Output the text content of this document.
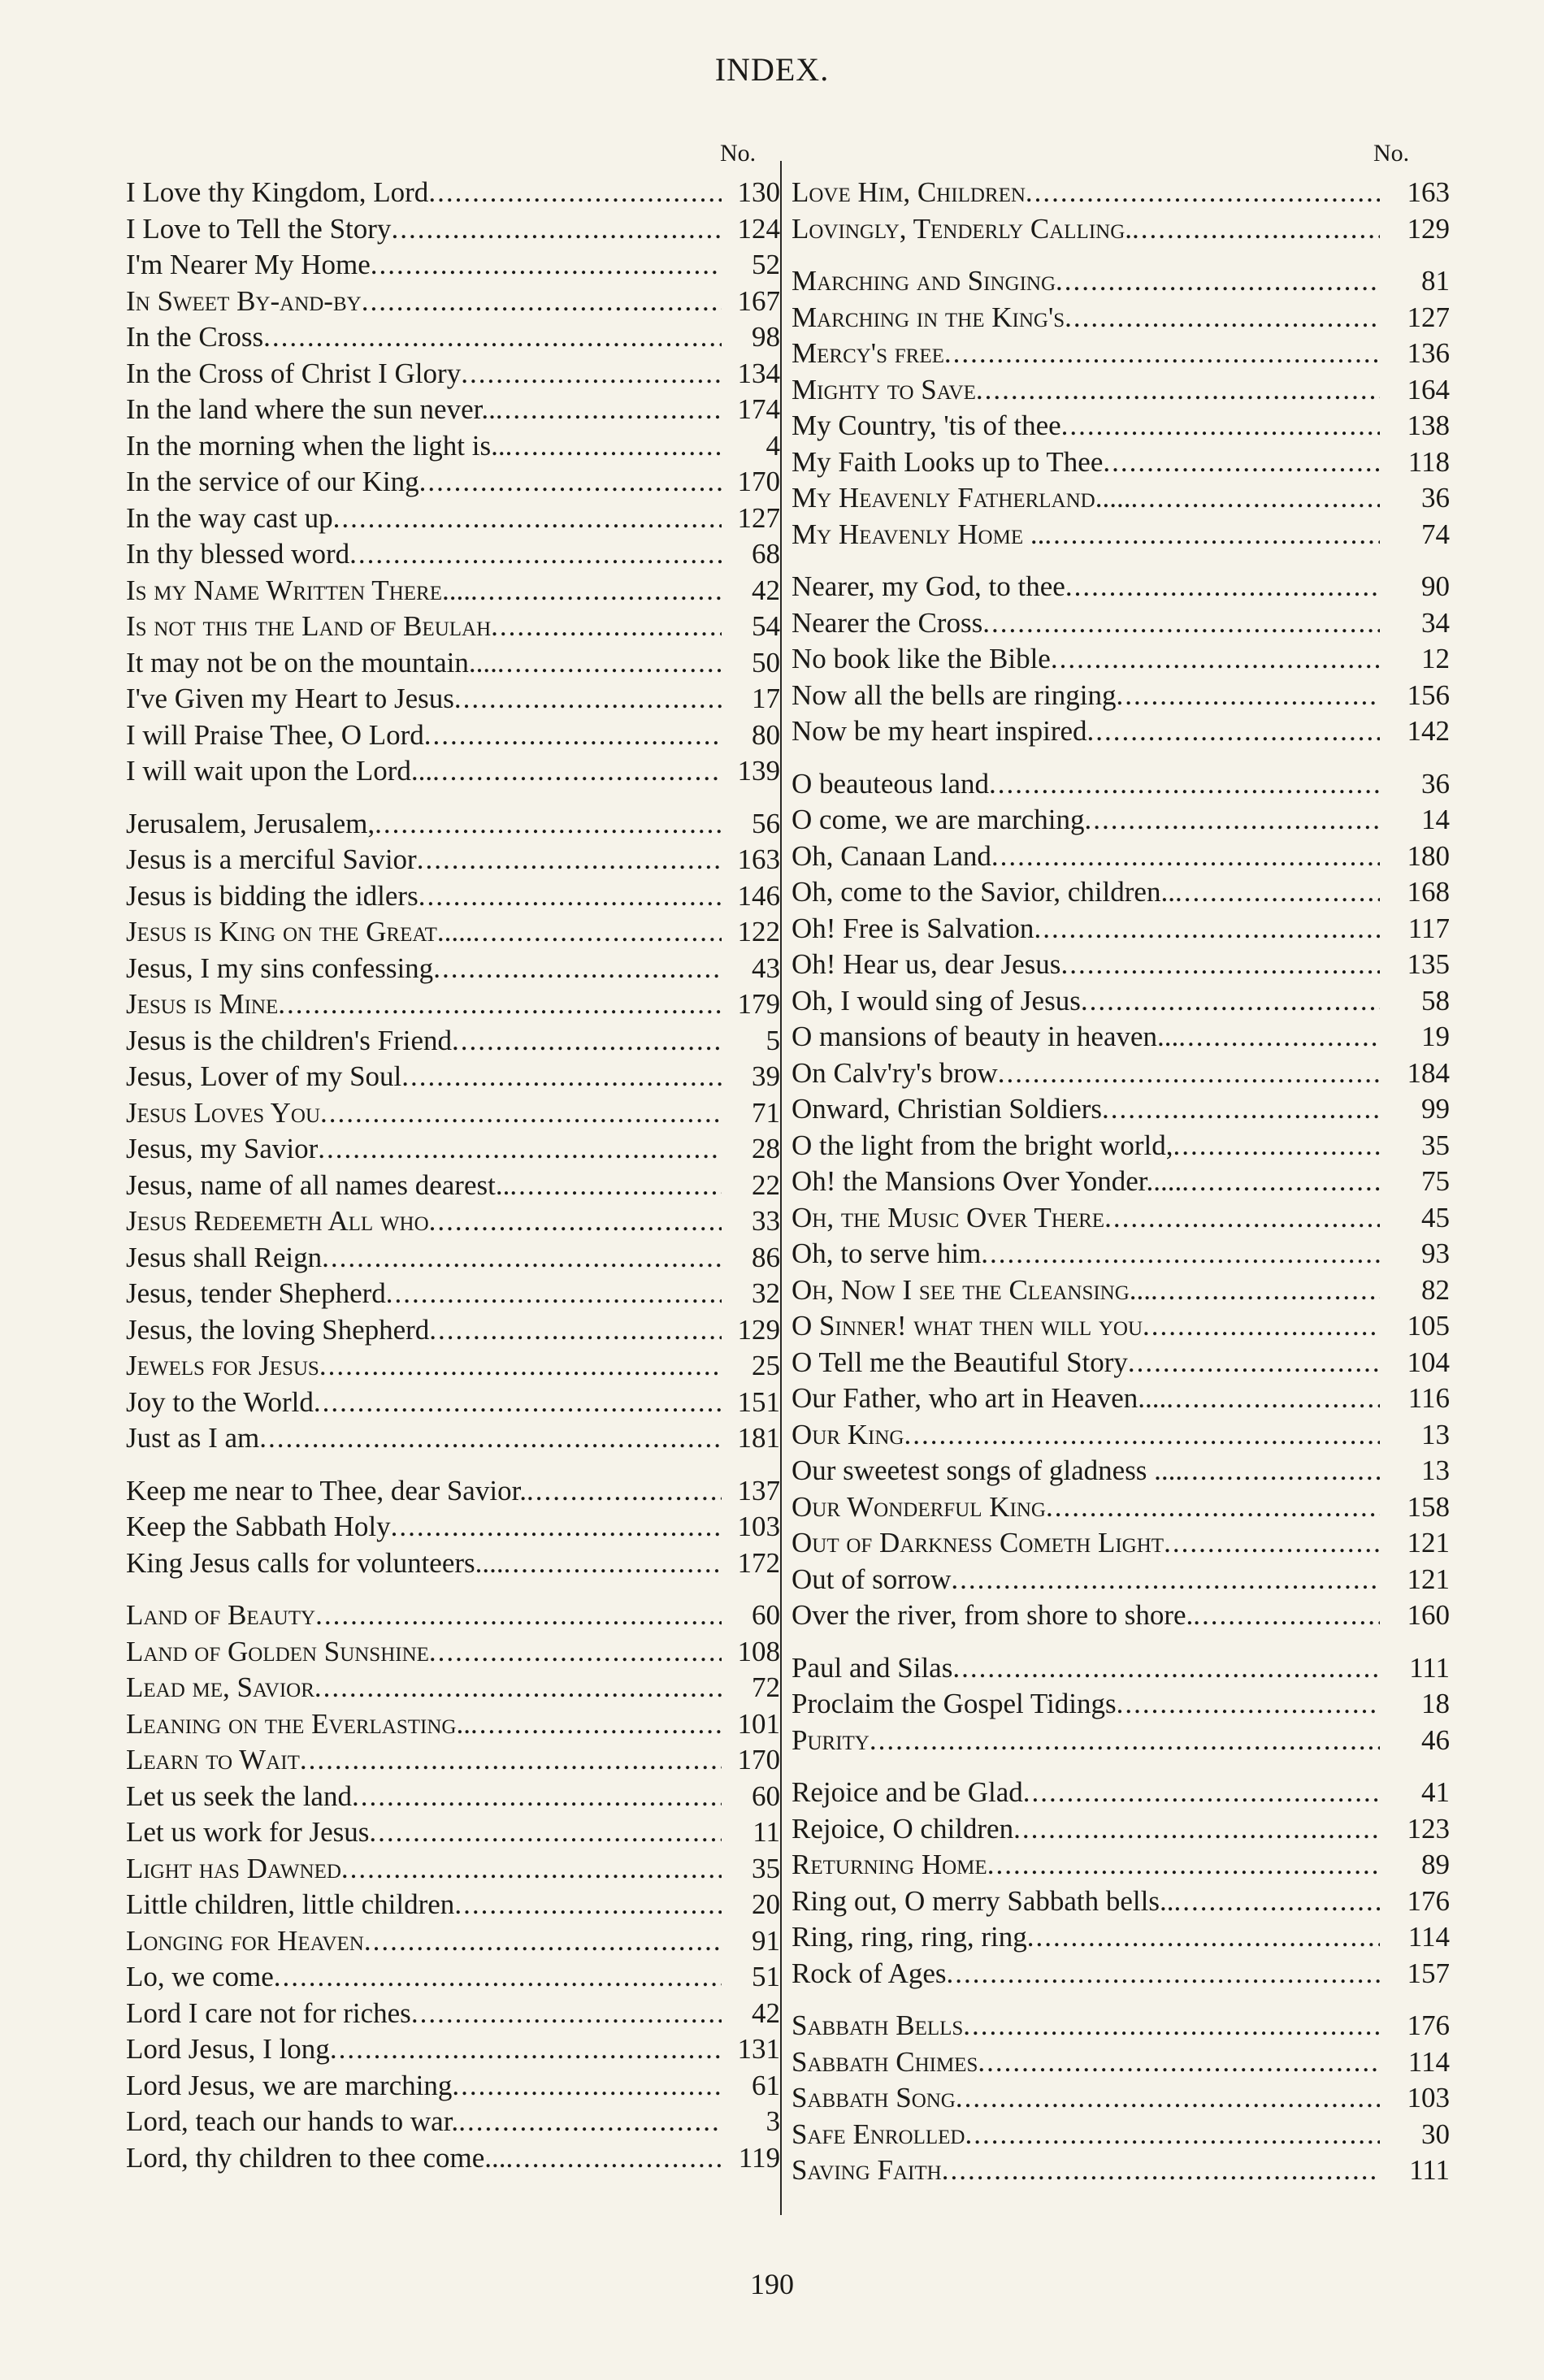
INDEX.
No.	No.
I Love thy Kingdom, Lord .....	130
I Love to Tell the Story .....	124
I'm Nearer My Home .....	52
In Sweet By-and-by .....	167
In the Cross .....	98
In the Cross of Christ I Glory .....	134
In the land where the sun never.. .....	174
In the morning when the light is.. .....	4
In the service of our King .....	170
In the way cast up .....	127
In thy blessed word .....	68
Is my Name Written There.... .....	42
Is not this the Land of Beulah .....	54
It may not be on the mountain.... .....	50
I've Given my Heart to Jesus .....	17
I will Praise Thee, O Lord .....	80
I will wait upon the Lord... .....	139
Jerusalem, Jerusalem, .....	56
Jesus is a merciful Savior .....	163
Jesus is bidding the idlers .....	146
Jesus is King on the Great..... .....	122
Jesus, I my sins confessing .....	43
Jesus is Mine .....	179
Jesus is the children's Friend .....	5
Jesus, Lover of my Soul .....	39
Jesus Loves You .....	71
Jesus, my Savior .....	28
Jesus, name of all names dearest.. .....	22
Jesus Redeemeth All who .....	33
Jesus shall Reign .....	86
Jesus, tender Shepherd .....	32
Jesus, the loving Shepherd .....	129
Jewels for Jesus .....	25
Joy to the World .....	151
Just as I am .....	181
Keep me near to Thee, dear Savior. .....	137
Keep the Sabbath Holy .....	103
King Jesus calls for volunteers.... .....	172
Land of Beauty .....	60
Land of Golden Sunshine .....	108
Lead me, Savior .....	72
Leaning on the Everlasting.. .....	101
Learn to Wait .....	170
Let us seek the land .....	60
Let us work for Jesus .....	11
Light has Dawned .....	35
Little children, little children .....	20
Longing for Heaven .....	91
Lo, we come .....	51
Lord I care not for riches .....	42
Lord Jesus, I long .....	131
Lord Jesus, we are marching .....	61
Lord, teach our hands to war. .....	3
Lord, thy children to thee come... .....	119
Love Him, Children .....	163
Lovingly, Tenderly Calling. .....	129
Marching and Singing .....	81
Marching in the King's .....	127
Mercy's free .....	136
Mighty to Save .....	164
My Country, 'tis of thee .....	138
My Faith Looks up to Thee .....	118
My Heavenly Fatherland..... .....	36
My Heavenly Home .. .....	74
Nearer, my God, to thee .....	90
Nearer the Cross .....	34
No book like the Bible .....	12
Now all the bells are ringing .....	156
Now be my heart inspired .....	142
O beauteous land .....	36
O come, we are marching .....	14
Oh, Canaan Land .....	180
Oh, come to the Savior, children.. .....	168
Oh! Free is Salvation .....	117
Oh! Hear us, dear Jesus .....	135
Oh, I would sing of Jesus .....	58
O mansions of beauty in heaven... .....	19
On Calv'ry's brow .....	184
Onward, Christian Soldiers .....	99
O the light from the bright world, .....	35
Oh! the Mansions Over Yonder..... .....	75
Oh, the Music Over There .....	45
Oh, to serve him .....	93
Oh, Now I see the Cleansing... .....	82
O Sinner! what then will you .....	105
O Tell me the Beautiful Story .....	104
Our Father, who art in Heaven.... .....	116
Our King .....	13
Our sweetest songs of gladness .... .....	13
Our Wonderful King .....	158
Out of Darkness Cometh Light .....	121
Out of sorrow .....	121
Over the river, from shore to shore. .....	160
Paul and Silas .....	111
Proclaim the Gospel Tidings .....	18
Purity .....	46
Rejoice and be Glad .....	41
Rejoice, O children .....	123
Returning Home .....	89
Ring out, O merry Sabbath bells.. .....	176
Ring, ring, ring, ring .....	114
Rock of Ages .....	157
Sabbath Bells .....	176
Sabbath Chimes .....	114
Sabbath Song .....	103
Safe Enrolled .....	30
Saving Faith .....	111
190
